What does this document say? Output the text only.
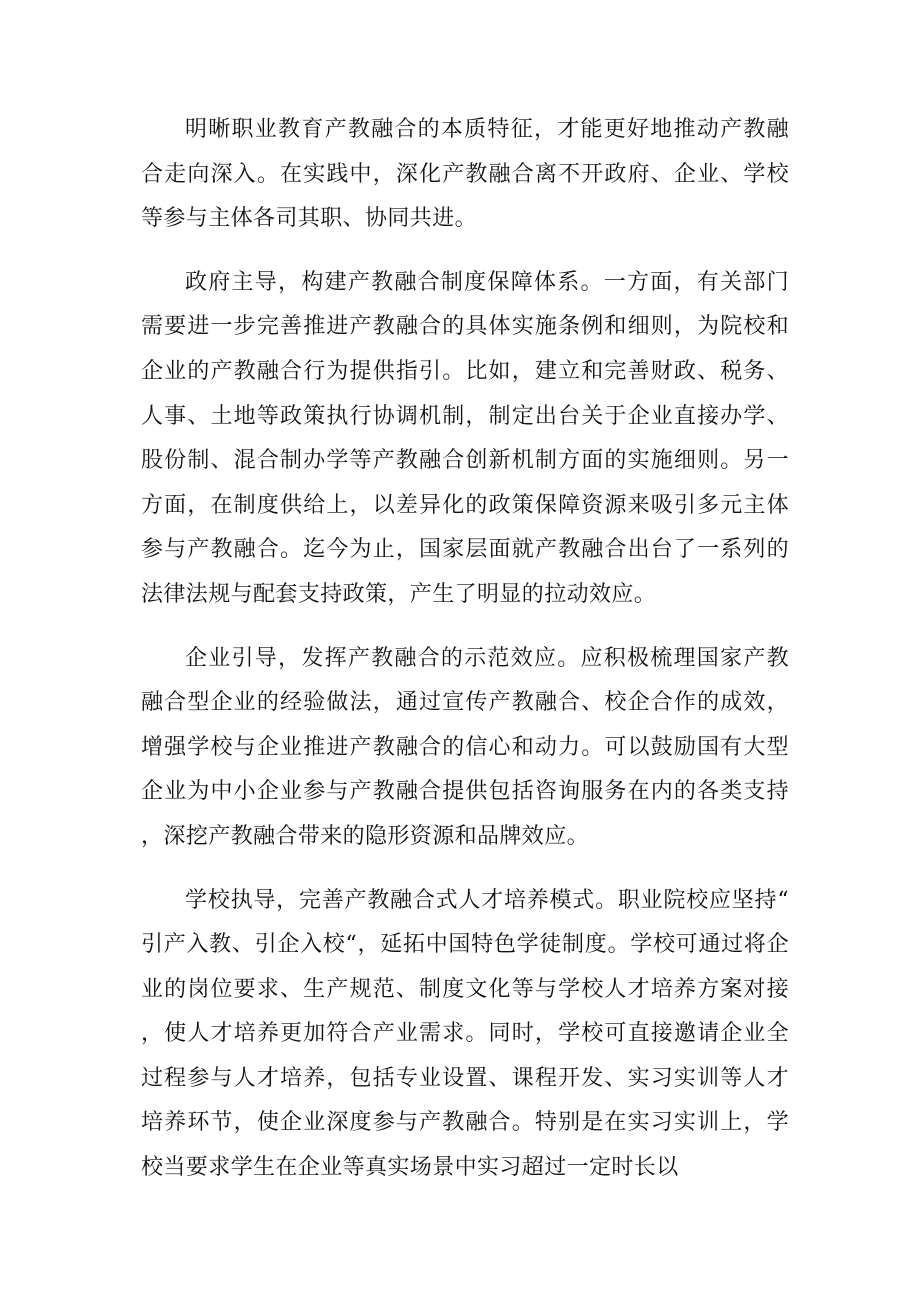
明晰职业教育产教融合的本质特征，才能更好地推动产教融合走向深入。在实践中，深化产教融合离不开政府、企业、学校等参与主体各司其职、协同共进。

政府主导，构建产教融合制度保障体系。一方面，有关部门需要进一步完善推进产教融合的具体实施条例和细则，为院校和企业的产教融合行为提供指引。比如，建立和完善财政、税务、人事、土地等政策执行协调机制，制定出台关于企业直接办学、股份制、混合制办学等产教融合创新机制方面的实施细则。另一方面，在制度供给上，以差异化的政策保障资源来吸引多元主体参与产教融合。迄今为止，国家层面就产教融合出台了一系列的法律法规与配套支持政策，产生了明显的拉动效应。

企业引导，发挥产教融合的示范效应。应积极梳理国家产教融合型企业的经验做法，通过宣传产教融合、校企合作的成效，增强学校与企业推进产教融合的信心和动力。可以鼓励国有大型企业为中小企业参与产教融合提供包括咨询服务在内的各类支持，深挖产教融合带来的隐形资源和品牌效应。

学校执导，完善产教融合式人才培养模式。职业院校应坚持“引产入教、引企入校“，延拓中国特色学徒制度。学校可通过将企业的岗位要求、生产规范、制度文化等与学校人才培养方案对接，使人才培养更加符合产业需求。同时，学校可直接邀请企业全过程参与人才培养，包括专业设置、课程开发、实习实训等人才培养环节，使企业深度参与产教融合。特别是在实习实训上，学校当要求学生在企业等真实场景中实习超过一定时长以
